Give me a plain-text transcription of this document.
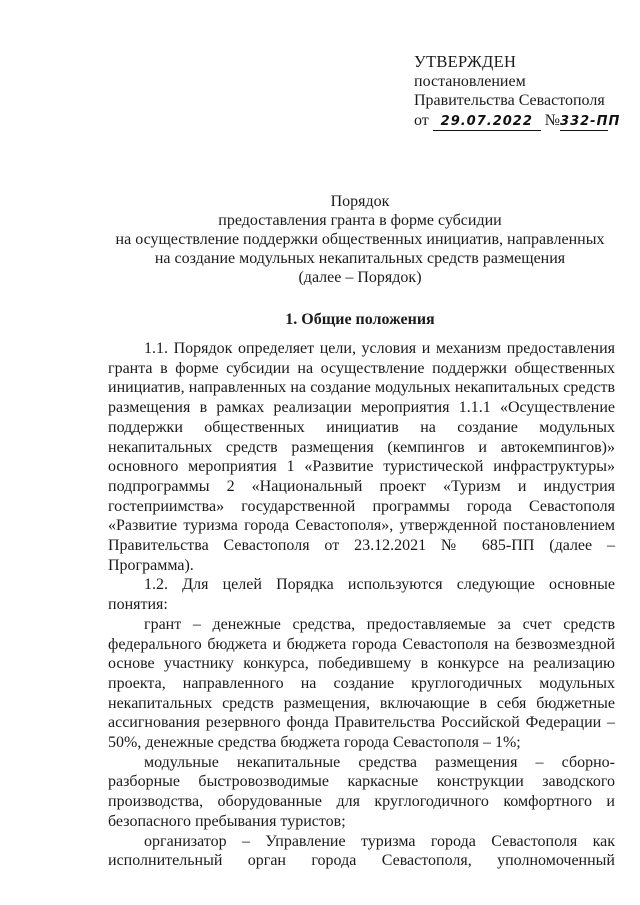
УТВЕРЖДЕН
постановлением
Правительства Севастополя
от 29.07.2022 №332-ПП
Порядок
предоставления гранта в форме субсидии
на осуществление поддержки общественных инициатив, направленных
на создание модульных некапитальных средств размещения
(далее – Порядок)
1. Общие положения

1.1. Порядок определяет цели, условия и механизм предоставления гранта в форме субсидии на осуществление поддержки общественных инициатив, направленных на создание модульных некапитальных средств размещения в рамках реализации мероприятия 1.1.1 «Осуществление поддержки общественных инициатив на создание модульных некапитальных средств размещения (кемпингов и автокемпингов)» основного мероприятия 1 «Развитие туристической инфраструктуры» подпрограммы 2 «Национальный проект «Туризм и индустрия гостеприимства» государственной программы города Севастополя «Развитие туризма города Севастополя», утвержденной постановлением Правительства Севастополя от 23.12.2021 № 685-ПП (далее – Программа).

1.2. Для целей Порядка используются следующие основные понятия:

грант – денежные средства, предоставляемые за счет средств федерального бюджета и бюджета города Севастополя на безвозмездной основе участнику конкурса, победившему в конкурсе на реализацию проекта, направленного на создание круглогодичных модульных некапитальных средств размещения, включающие в себя бюджетные ассигнования резервного фонда Правительства Российской Федерации – 50%, денежные средства бюджета города Севастополя – 1%;

модульные некапитальные средства размещения – сборно-разборные быстровозводимые каркасные конструкции заводского производства, оборудованные для круглогодичного комфортного и безопасного пребывания туристов;

организатор – Управление туризма города Севастополя как исполнительный орган города Севастополя, уполномоченный
